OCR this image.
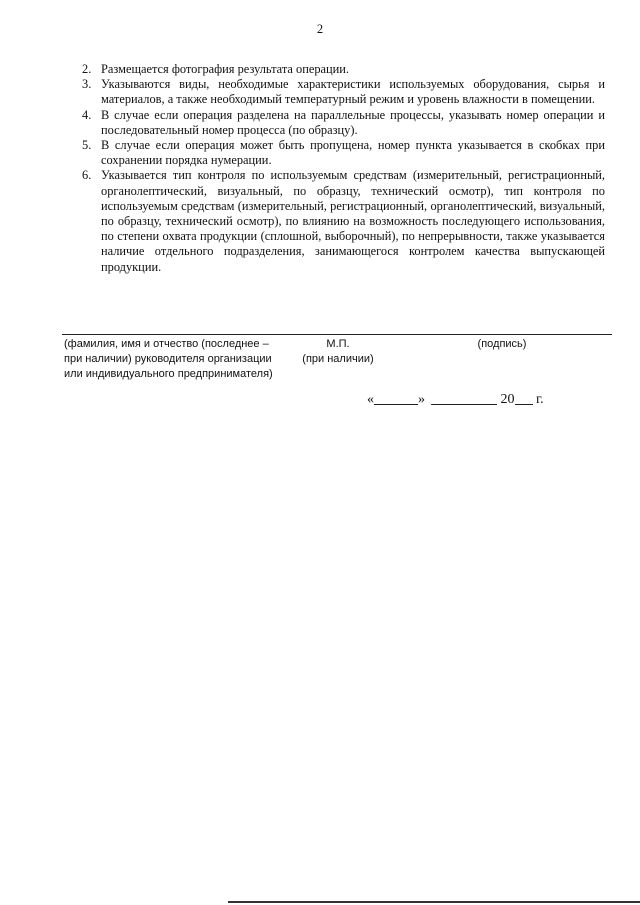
2
2. Размещается фотография результата операции.
3. Указываются виды, необходимые характеристики используемых оборудования, сырья и материалов, а также необходимый температурный режим и уровень влажности в помещении.
4. В случае если операция разделена на параллельные процессы, указывать номер операции и последовательный номер процесса (по образцу).
5. В случае если операция может быть пропущена, номер пункта указывается в скобках при сохранении порядка нумерации.
6. Указывается тип контроля по используемым средствам (измерительный, регистрационный, органолептический, визуальный, по образцу, технический осмотр), тип контроля по используемым средствам (измерительный, регистрационный, органолептический, визуальный, по образцу, технический осмотр), по влиянию на возможность последующего использования, по степени охвата продукции (сплошной, выборочный), по непрерывности, также указывается наличие отдельного подразделения, занимающегося контролем качества выпускающей продукции.
(фамилия, имя и отчество (последнее –
при наличии) руководителя организации
или индивидуального предпринимателя)
М.П.
(при наличии)
(подпись)
«	»	20 г.
